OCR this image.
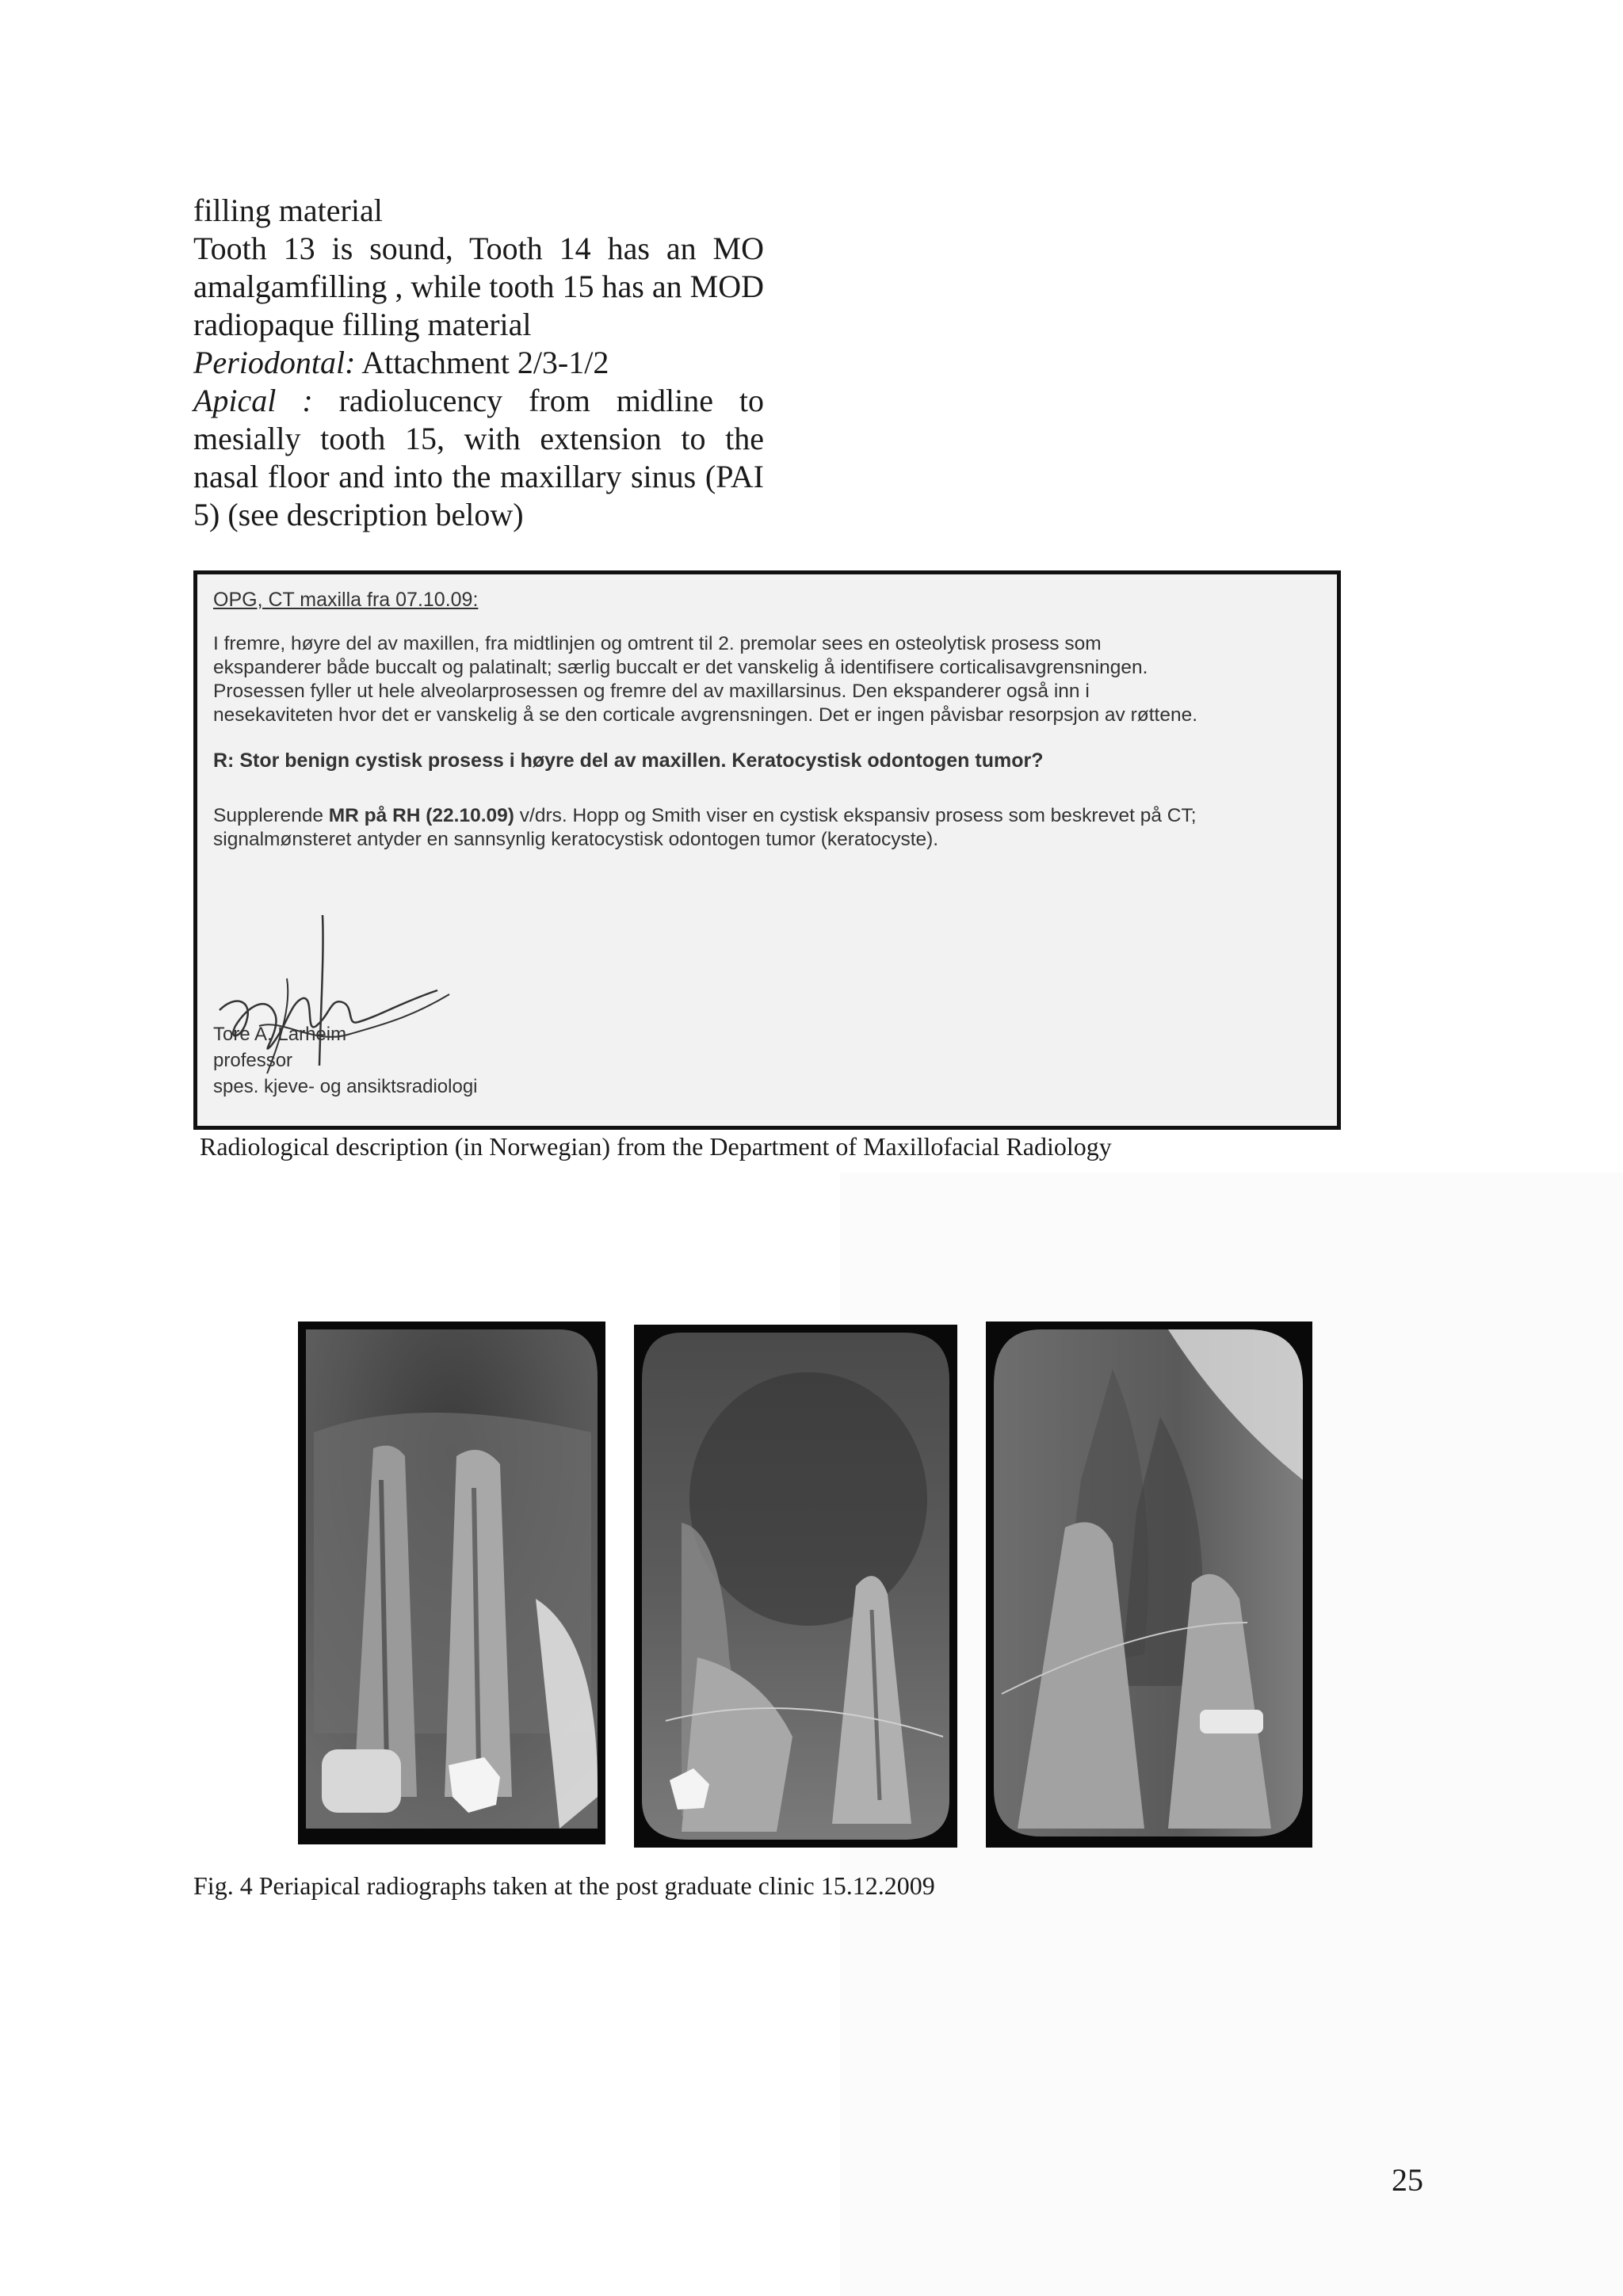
filling material

Tooth 13 is sound, Tooth 14 has an MO amalgamfilling , while tooth 15 has an MOD radiopaque filling material

Periodontal: Attachment 2/3-1/2

Apical : radiolucency from midline to mesially tooth 15, with extension to the nasal floor and into the maxillary sinus (PAI 5) (see description below)

OPG, CT maxilla fra 07.10.09:
I fremre, høyre del av maxillen, fra midtlinjen og omtrent til 2. premolar sees en osteolytisk prosess som
ekspanderer både buccalt og palatinalt; særlig buccalt er det vanskelig å identifisere corticalisavgrensningen.
Prosessen fyller ut hele alveolarprosessen og fremre del av maxillarsinus. Den ekspanderer også inn i
nesekaviteten hvor det er vanskelig å se den corticale avgrensningen. Det er ingen påvisbar resorpsjon av røttene.
R: Stor benign cystisk prosess i høyre del av maxillen. Keratocystisk odontogen tumor?
Supplerende MR på RH (22.10.09) v/drs. Hopp og Smith viser en cystisk ekspansiv prosess som beskrevet på CT;
signalmønsteret antyder en sannsynlig keratocystisk odontogen tumor (keratocyste).
Tore A. Larheim
professor
spes. kjeve- og ansiktsradiologi
Radiological description (in Norwegian) from the Department of Maxillofacial Radiology
Fig. 4 Periapical radiographs taken at the post graduate clinic 15.12.2009
25
